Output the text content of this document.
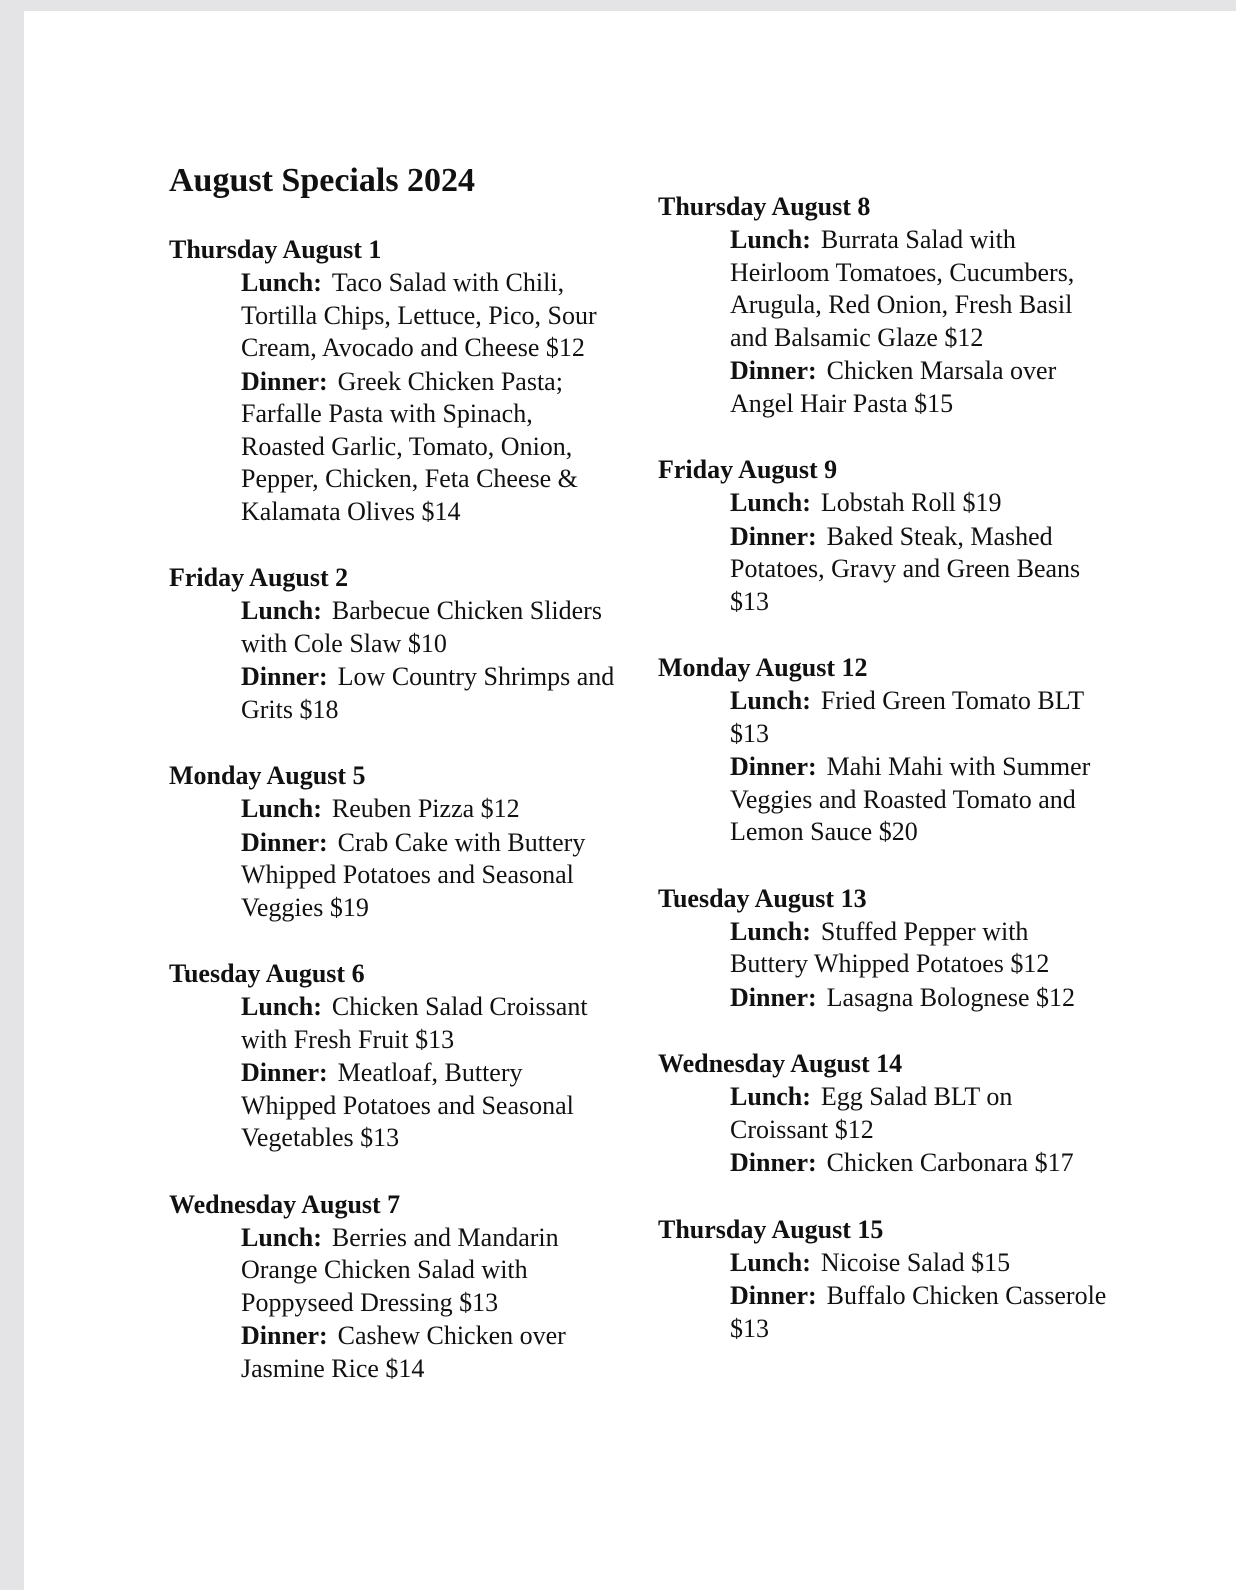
August Specials 2024
Thursday August 1
Lunch: Taco Salad with Chili, Tortilla Chips, Lettuce, Pico, Sour Cream, Avocado and Cheese $12
Dinner: Greek Chicken Pasta; Farfalle Pasta with Spinach, Roasted Garlic, Tomato, Onion, Pepper, Chicken, Feta Cheese & Kalamata Olives $14
Friday August 2
Lunch: Barbecue Chicken Sliders with Cole Slaw $10
Dinner: Low Country Shrimps and Grits $18
Monday August 5
Lunch: Reuben Pizza $12
Dinner: Crab Cake with Buttery Whipped Potatoes and Seasonal Veggies $19
Tuesday August 6
Lunch: Chicken Salad Croissant with Fresh Fruit $13
Dinner: Meatloaf, Buttery Whipped Potatoes and Seasonal Vegetables $13
Wednesday August 7
Lunch: Berries and Mandarin Orange Chicken Salad with Poppyseed Dressing $13
Dinner: Cashew Chicken over Jasmine Rice $14
Thursday August 8
Lunch: Burrata Salad with Heirloom Tomatoes, Cucumbers, Arugula, Red Onion, Fresh Basil and Balsamic Glaze $12
Dinner: Chicken Marsala over Angel Hair Pasta $15
Friday August 9
Lunch: Lobstah Roll $19
Dinner: Baked Steak, Mashed Potatoes, Gravy and Green Beans $13
Monday August 12
Lunch: Fried Green Tomato BLT $13
Dinner: Mahi Mahi with Summer Veggies and Roasted Tomato and Lemon Sauce $20
Tuesday August 13
Lunch: Stuffed Pepper with Buttery Whipped Potatoes $12
Dinner: Lasagna Bolognese $12
Wednesday August 14
Lunch: Egg Salad BLT on Croissant $12
Dinner: Chicken Carbonara $17
Thursday August 15
Lunch: Nicoise Salad $15
Dinner: Buffalo Chicken Casserole $13
